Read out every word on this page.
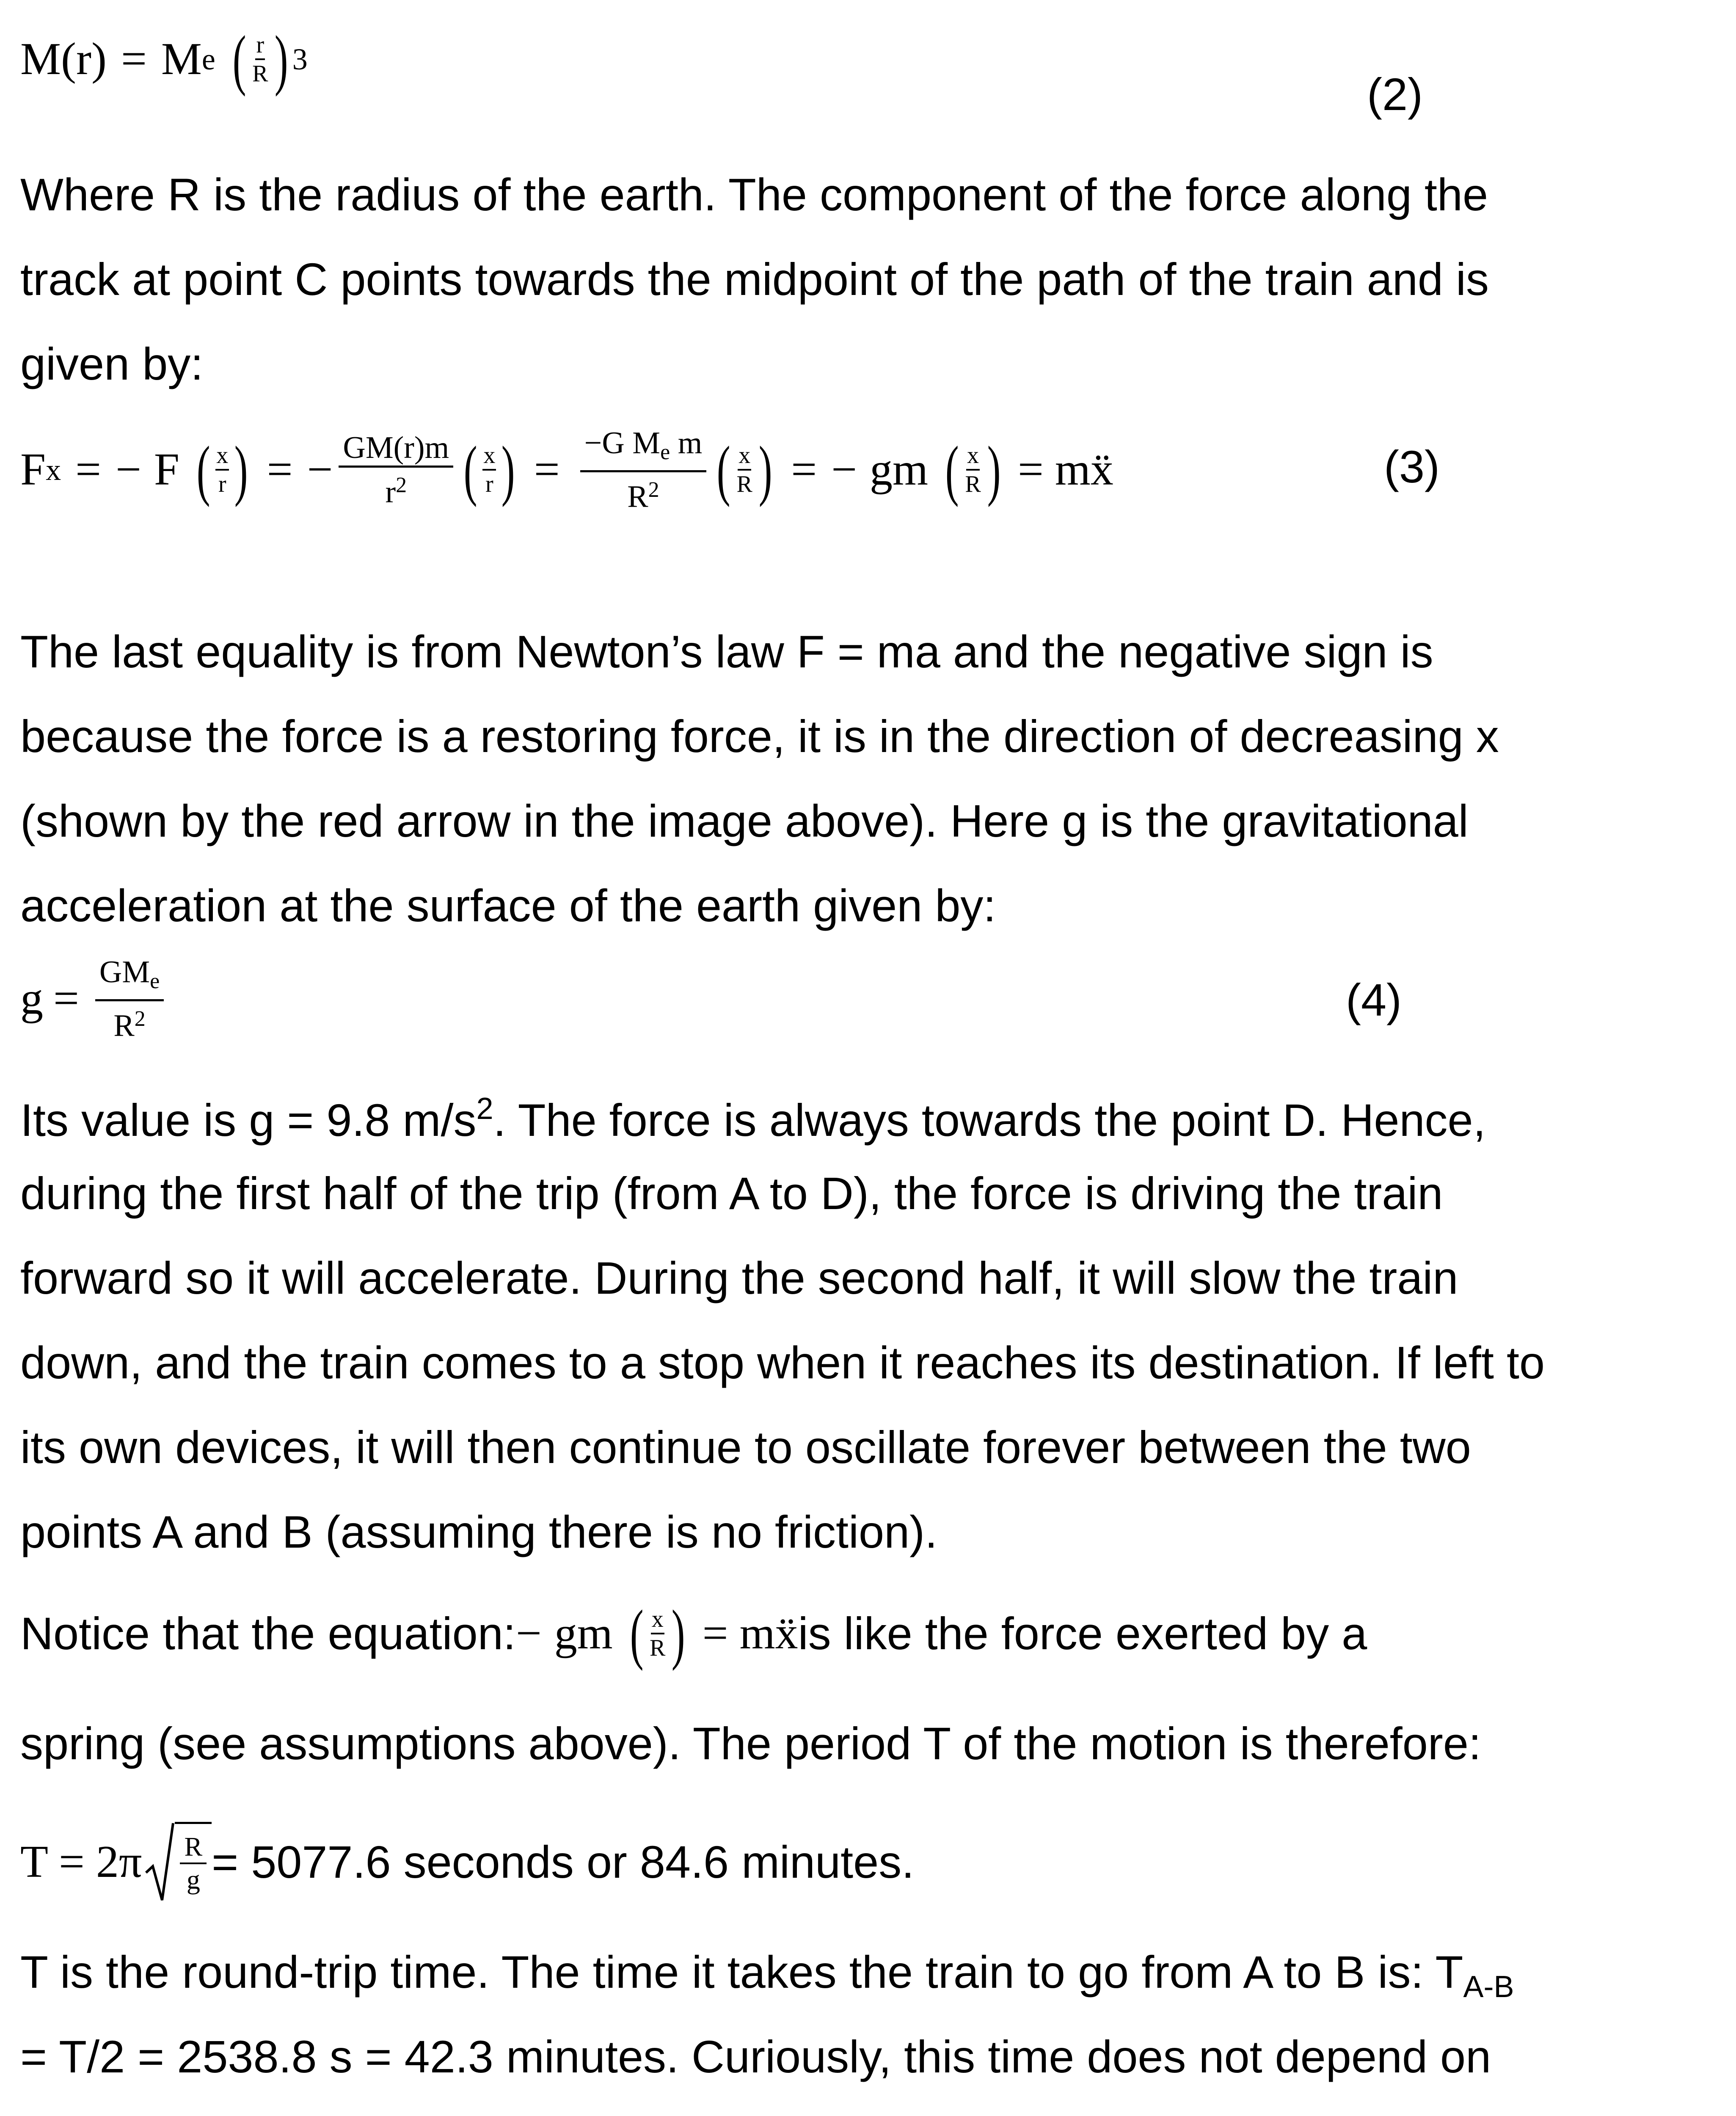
M(r) = M e ( $\frac{r}{R}$ ) 3
(2)
Where R is the radius of the earth. The component of the force along the
track at point C points towards the midpoint of the path of the train and is
given by:
F x = − F ( $\frac{x}{r}$ ) = − $\frac{GM(r)m}{r^2}$ ( $\frac{x}{r}$ ) = $\frac{\text{−G Me m}}{R^2}$ ( $\frac{x}{R}$ ) = − gm ( $\frac{x}{R}$ ) = mẍ	(3)
The last equality is from Newton’s law F = ma and the negative sign is
because the force is a restoring force, it is in the direction of decreasing x
(shown by the red arrow in the image above). Here g is the gravitational
acceleration at the surface of the earth given by:
$g = \frac{\text{GMe}}{R^2}$	(4)
Its value is g = 9.8 $m/s^2$. The force is always towards the point D. Hence,
during the first half of the trip (from A to D), the force is driving the train
forward so it will accelerate. During the second half, it will slow the train
down, and the train comes to a stop when it reaches its destination. If left to
its own devices, it will then continue to oscillate forever between the two
points A and B (assuming there is no friction).
Notice that the equation: − gm ( $\frac{x}{R}$ ) = mẍ is like the force exerted by a
spring (see assumptions above). The period T of the motion is therefore:
$T = 2\pi \frac{R}{g} = 5077.6$ seconds or 84.6 minutes.
T is the round-trip time. The time it takes the train to go from A to B is: $T_{A-B}$
= T/2 = 2538.8 s = 42.3 minutes. Curiously, this time does not depend on
